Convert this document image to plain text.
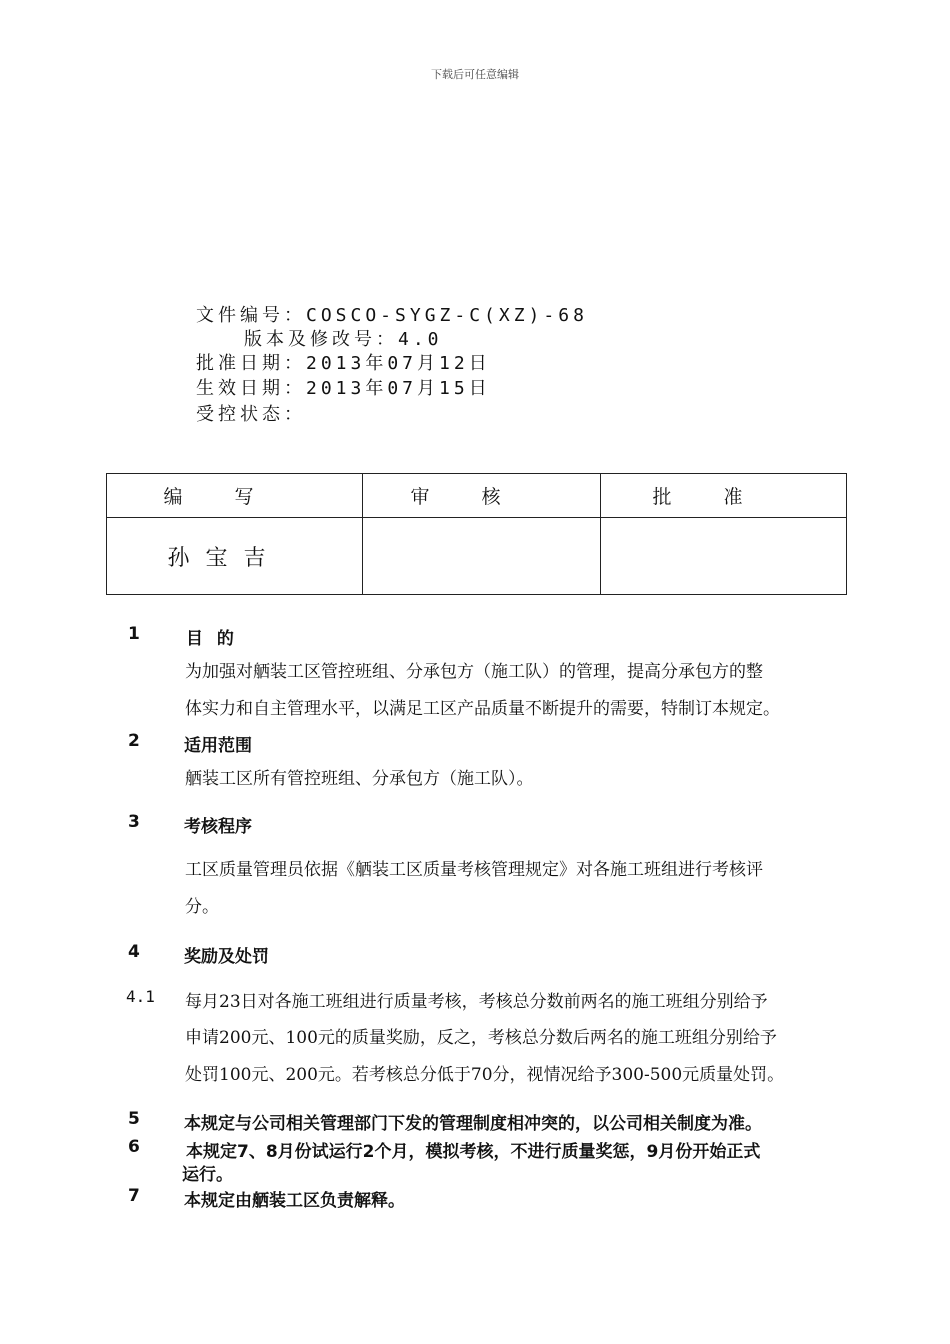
下载后可任意编辑
文件编号：COSCO-SYGZ-C(XZ)-68
版本及修改号：4.0
批准日期：2013年07月12日
生效日期：2013年07月15日
受控状态：
编写	审核	批准
孙宝吉		
1	目 的
为加强对舾装工区管控班组、分承包方（施工队）的管理，提高分承包方的整
体实力和自主管理水平，以满足工区产品质量不断提升的需要，特制订本规定。
2	适用范围
舾装工区所有管控班组、分承包方（施工队）。
3	考核程序
工区质量管理员依据《舾装工区质量考核管理规定》对各施工班组进行考核评
分。
4	奖励及处罚
4.1 每月23日对各施工班组进行质量考核，考核总分数前两名的施工班组分别给予
申请200元、100元的质量奖励，反之，考核总分数后两名的施工班组分别给予
处罚100元、200元。若考核总分低于70分，视情况给予300-500元质量处罚。
5	本规定与公司相关管理部门下发的管理制度相冲突的，以公司相关制度为准。
6	本规定7、8月份试运行2个月，模拟考核，不进行质量奖惩，9月份开始正式
运行。
7	本规定由舾装工区负责解释。
